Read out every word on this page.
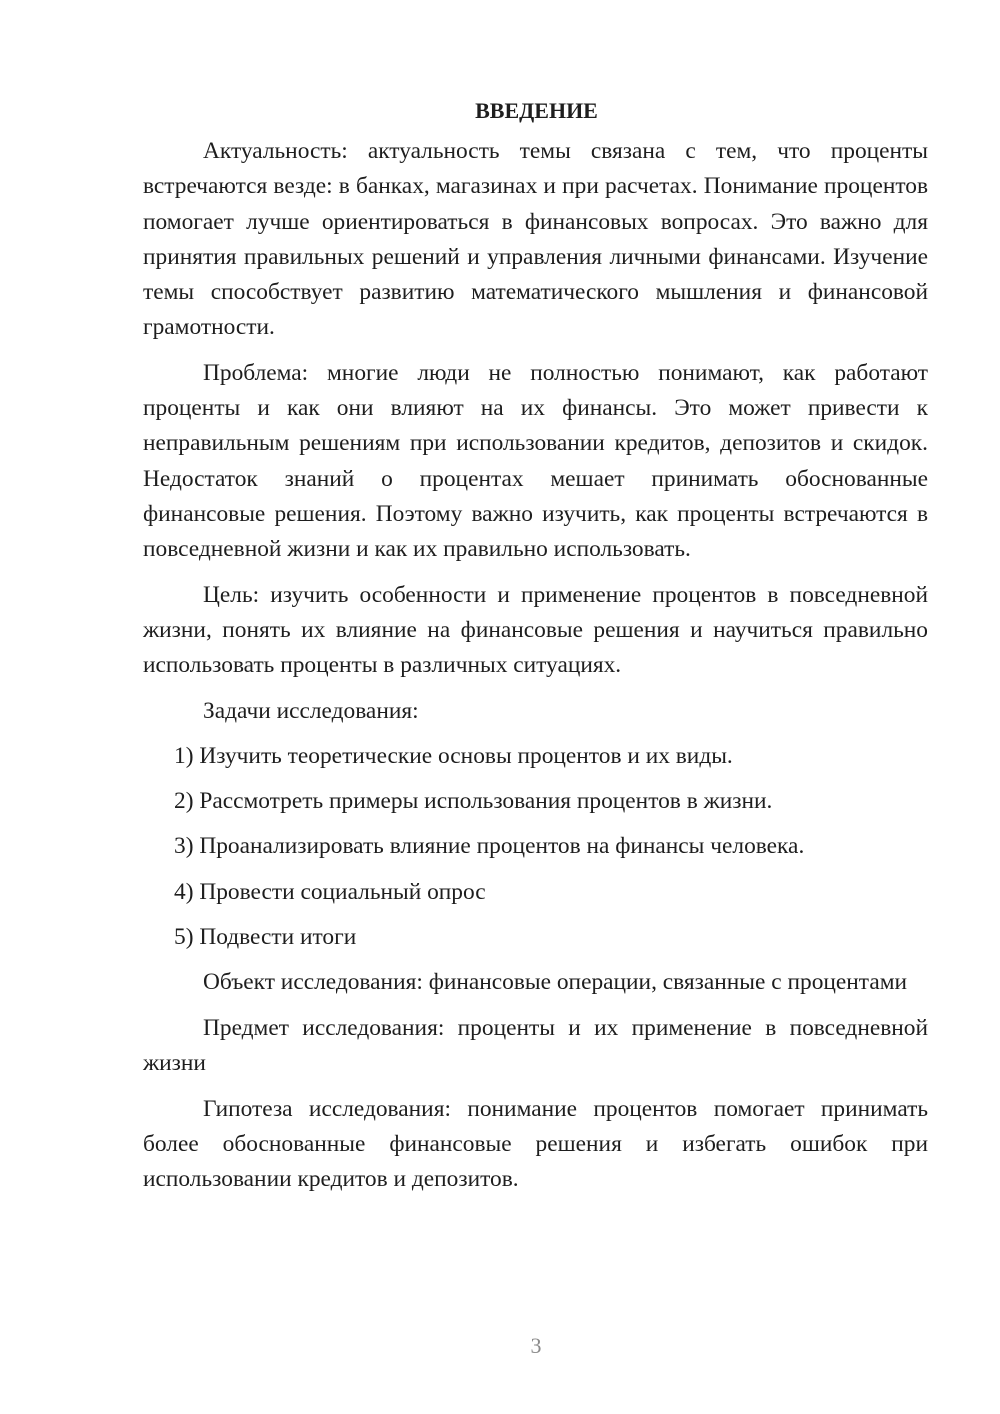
ВВЕДЕНИЕ

Актуальность: актуальность темы связана с тем, что проценты встречаются везде: в банках, магазинах и при расчетах. Понимание процентов помогает лучше ориентироваться в финансовых вопросах. Это важно для принятия правильных решений и управления личными финансами. Изучение темы способствует развитию математического мышления и финансовой грамотности.

Проблема: многие люди не полностью понимают, как работают проценты и как они влияют на их финансы. Это может привести к неправильным решениям при использовании кредитов, депозитов и скидок. Недостаток знаний о процентах мешает принимать обоснованные финансовые решения. Поэтому важно изучить, как проценты встречаются в повседневной жизни и как их правильно использовать.

Цель: изучить особенности и применение процентов в повседневной жизни, понять их влияние на финансовые решения и научиться правильно использовать проценты в различных ситуациях.

Задачи исследования:

1) Изучить теоретические основы процентов и их виды.

2) Рассмотреть примеры использования процентов в жизни.

3) Проанализировать влияние процентов на финансы человека.

4) Провести социальный опрос

5) Подвести итоги

Объект исследования: финансовые операции, связанные с процентами

Предмет исследования: проценты и их применение в повседневной жизни

Гипотеза исследования: понимание процентов помогает принимать более обоснованные финансовые решения и избегать ошибок при использовании кредитов и депозитов.

3
